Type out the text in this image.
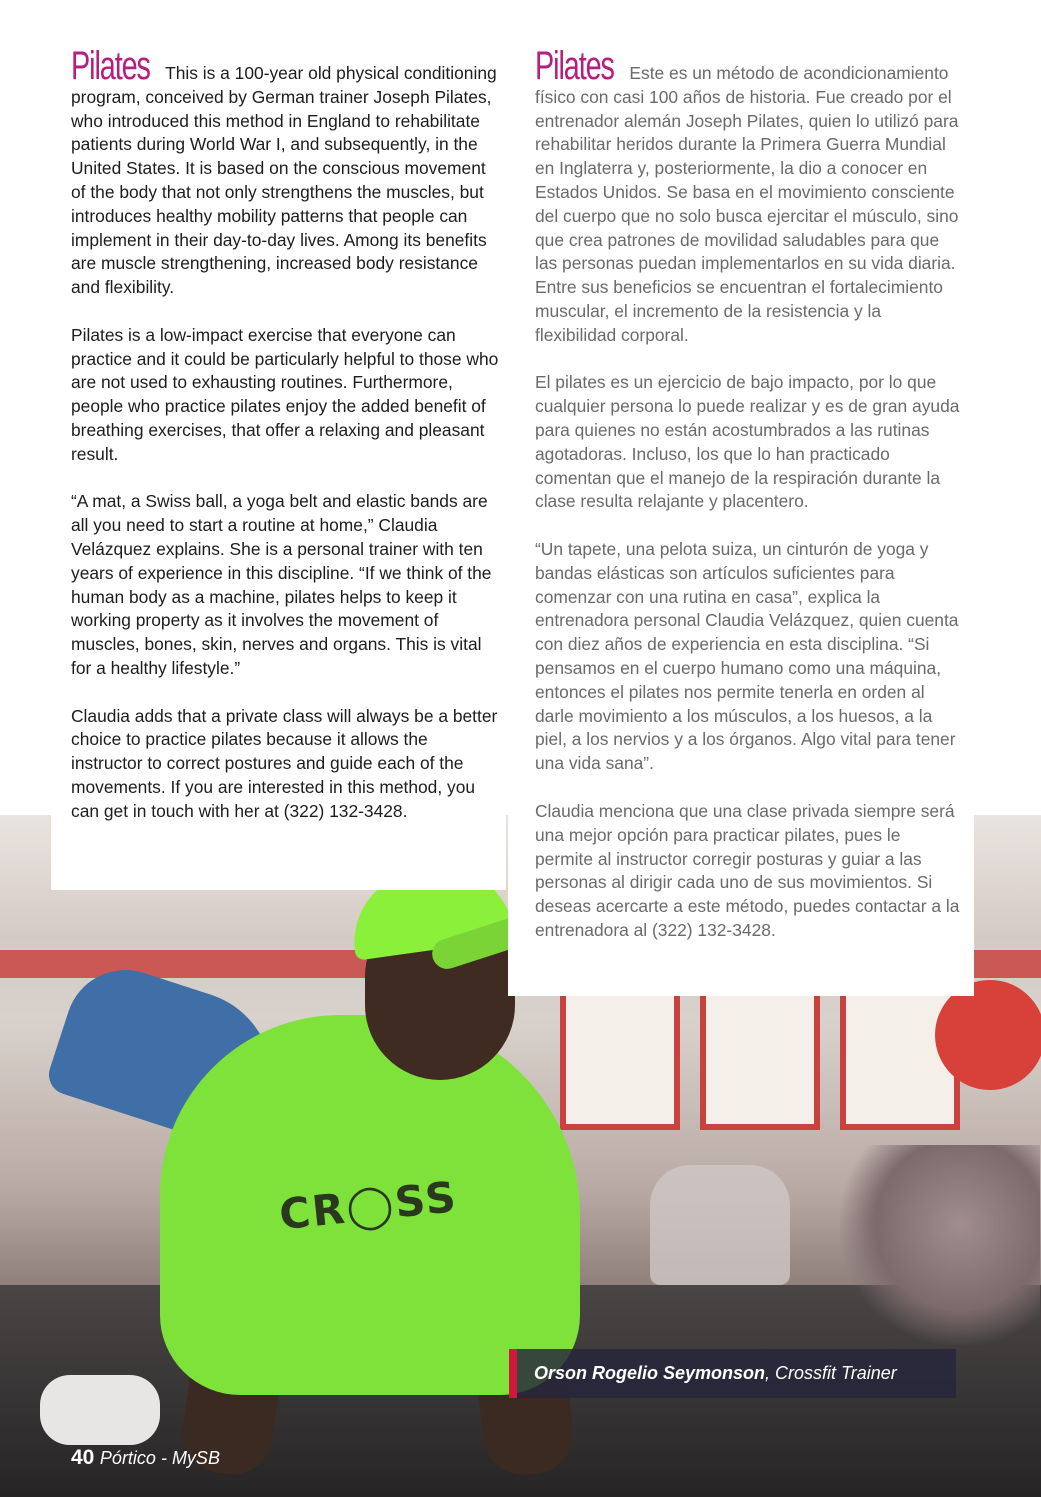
CR◯SS

Pilates This is a 100-year old physical conditioning program, conceived by German trainer Joseph Pilates, who introduced this method in England to rehabilitate patients during World War I, and subsequently, in the United States. It is based on the conscious movement of the body that not only strengthens the muscles, but introduces healthy mobility patterns that people can implement in their day-to-day lives. Among its benefits are muscle strengthening, increased body resistance and flexibility.

Pilates is a low-impact exercise that everyone can practice and it could be particularly helpful to those who are not used to exhausting routines. Furthermore, people who practice pilates enjoy the added benefit of breathing exercises, that offer a relaxing and pleasant result.

“A mat, a Swiss ball, a yoga belt and elastic bands are all you need to start a routine at home,” Claudia Velázquez explains. She is a personal trainer with ten years of experience in this discipline. “If we think of the human body as a machine, pilates helps to keep it working property as it involves the movement of muscles, bones, skin, nerves and organs. This is vital for a healthy lifestyle.”

Claudia adds that a private class will always be a better choice to practice pilates because it allows the instructor to correct postures and guide each of the movements. If you are interested in this method, you can get in touch with her at (322) 132-3428.

Pilates Este es un método de acondicionamiento físico con casi 100 años de historia. Fue creado por el entrenador alemán Joseph Pilates, quien lo utilizó para rehabilitar heridos durante la Primera Guerra Mundial en Inglaterra y, posteriormente, la dio a conocer en Estados Unidos. Se basa en el movimiento consciente del cuerpo que no solo busca ejercitar el músculo, sino que crea patrones de movilidad saludables para que las personas puedan implementarlos en su vida diaria. Entre sus beneficios se encuentran el fortalecimiento muscular, el incremento de la resistencia y la flexibilidad corporal.

El pilates es un ejercicio de bajo impacto, por lo que cualquier persona lo puede realizar y es de gran ayuda para quienes no están acostumbrados a las rutinas agotadoras. Incluso, los que lo han practicado comentan que el manejo de la respiración durante la clase resulta relajante y placentero.

“Un tapete, una pelota suiza, un cinturón de yoga y bandas elásticas son artículos suficientes para comenzar con una rutina en casa”, explica la entrenadora personal Claudia Velázquez, quien cuenta con diez años de experiencia en esta disciplina. “Si pensamos en el cuerpo humano como una máquina, entonces el pilates nos permite tenerla en orden al darle movimiento a los músculos, a los huesos, a la piel, a los nervios y a los órganos. Algo vital para tener una vida sana”.

Claudia menciona que una clase privada siempre será una mejor opción para practicar pilates, pues le permite al instructor corregir posturas y guiar a las personas al dirigir cada uno de sus movimientos. Si deseas acercarte a este método, puedes contactar a la entrenadora al (322) 132-3428.

Orson Rogelio Seymonson, Crossfit Trainer
40 Pórtico - MySB
